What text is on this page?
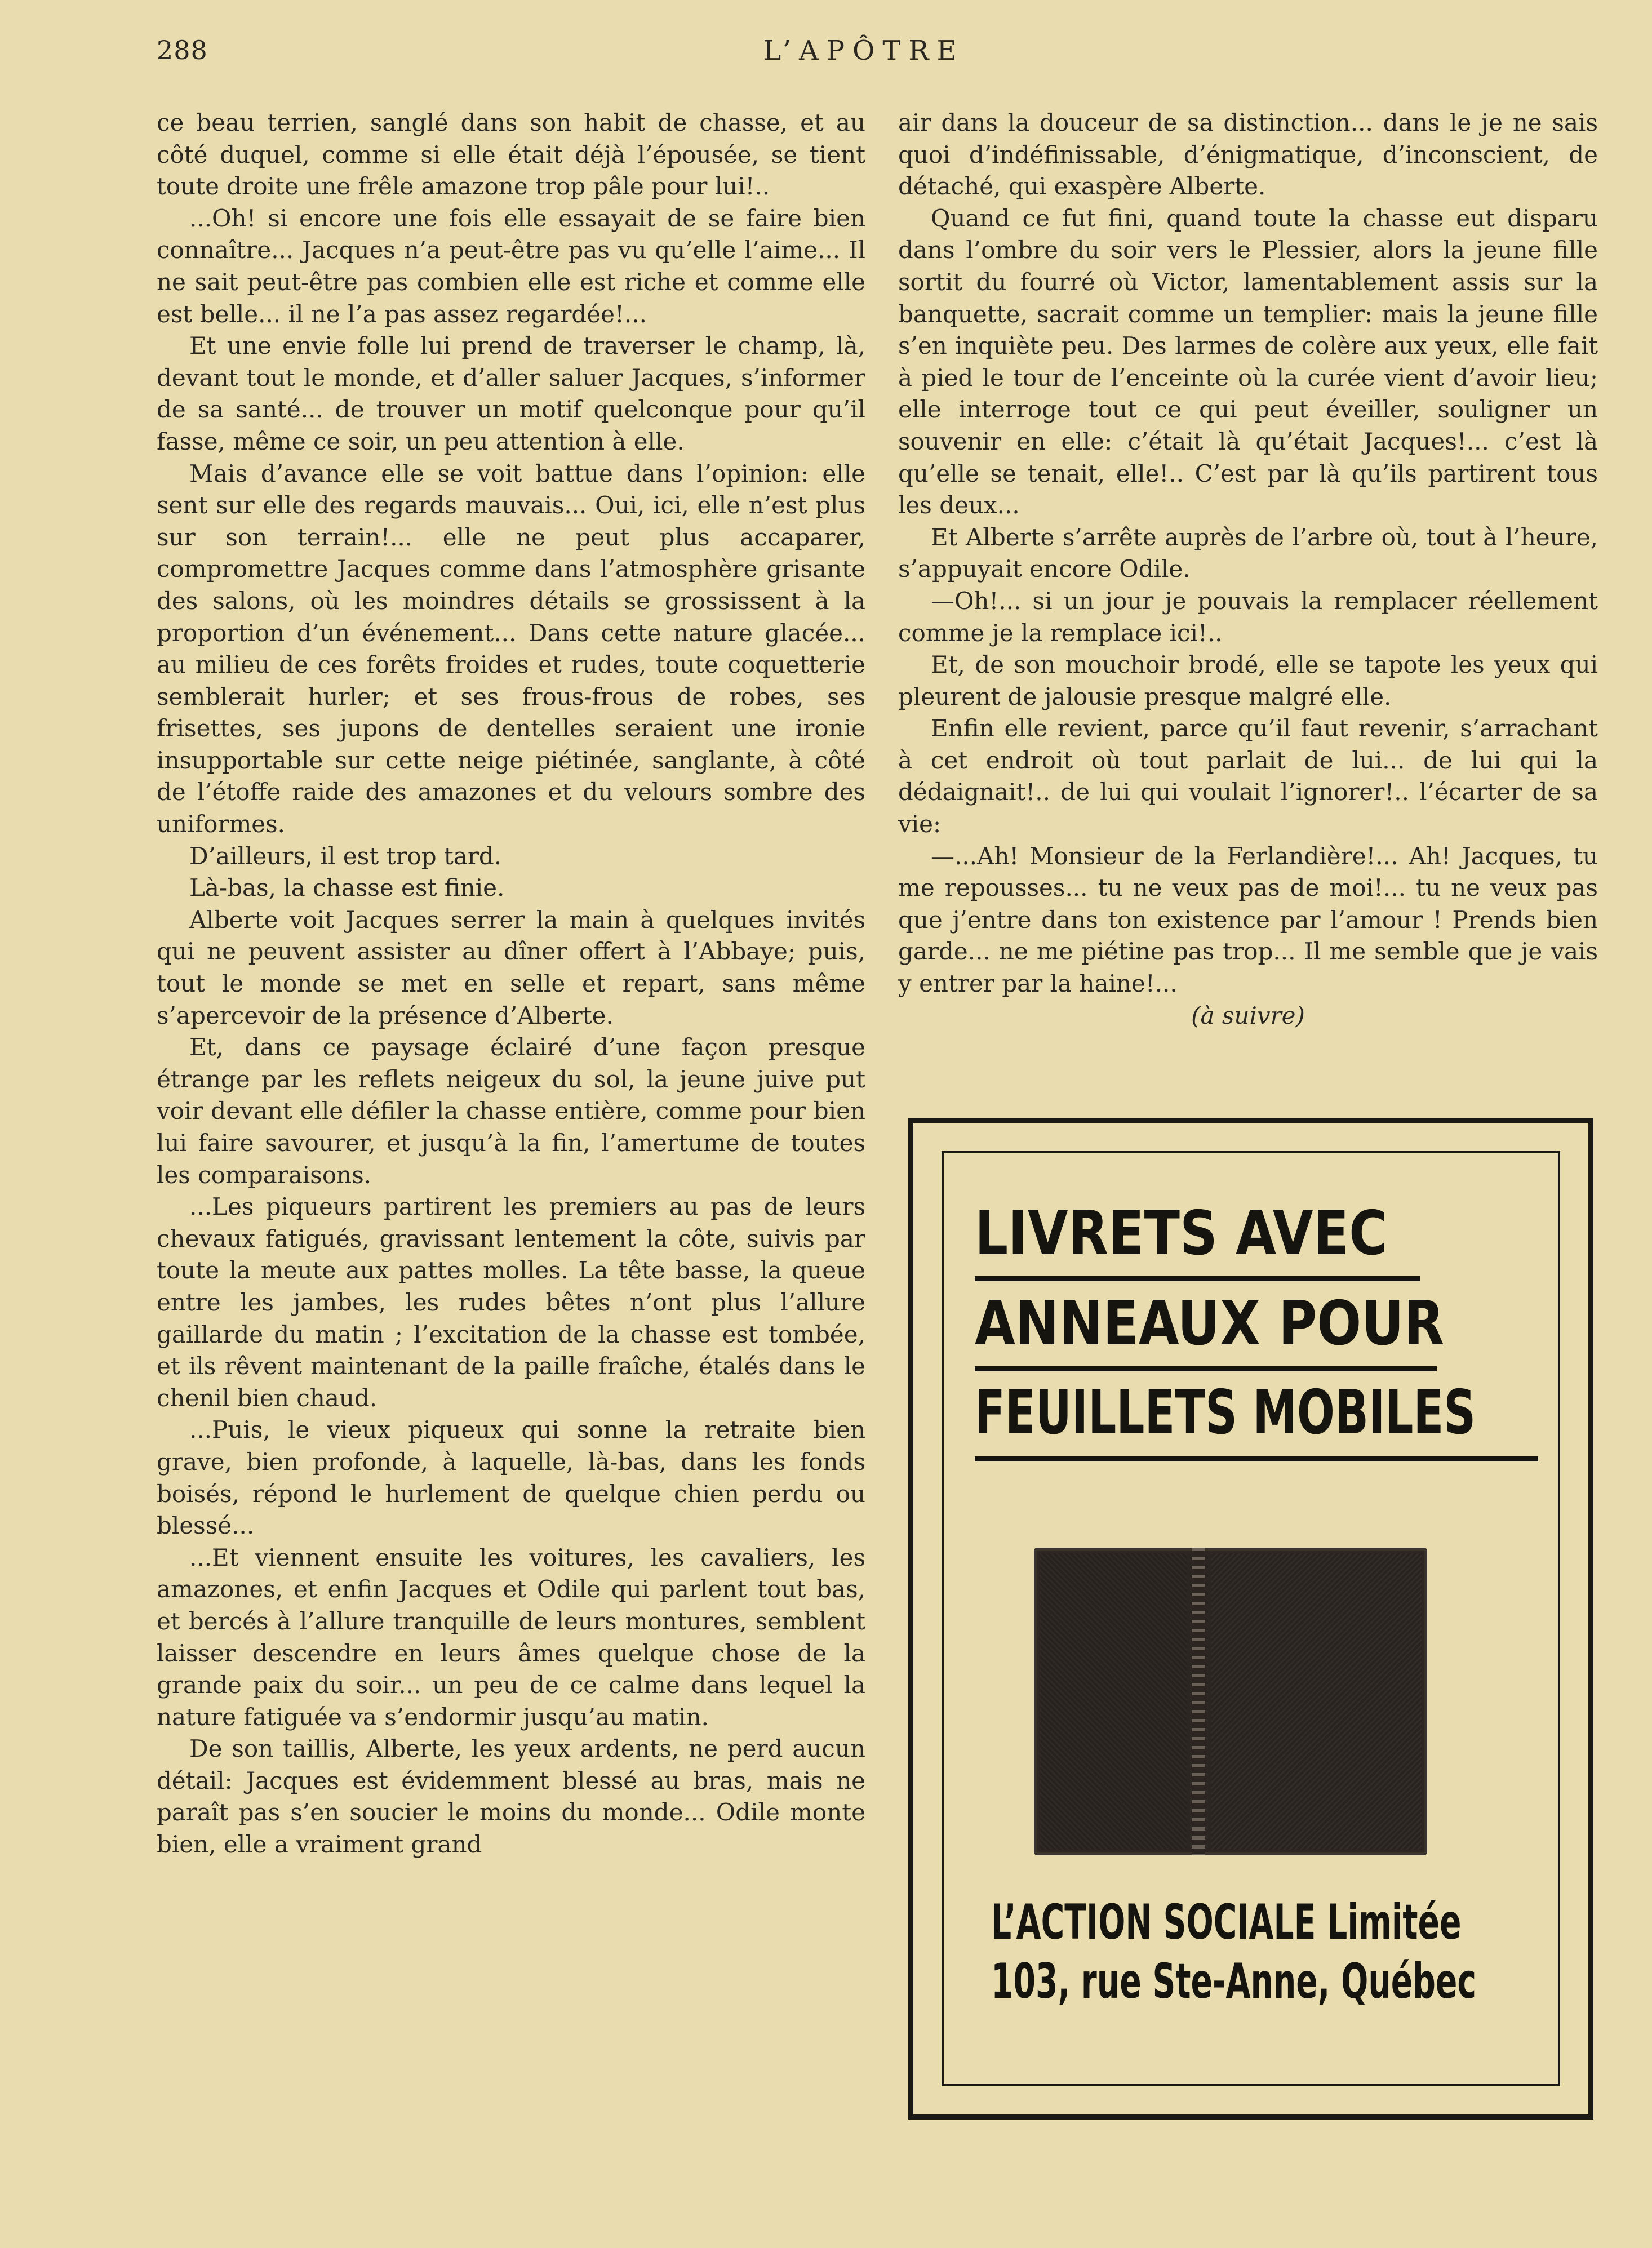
288	L’APÔTRE

ce beau terrien, sanglé dans son habit de chasse, et au côté duquel, comme si elle était déjà l’épousée, se tient toute droite une frêle amazone trop pâle pour lui!..

...Oh! si encore une fois elle essayait de se faire bien connaître... Jacques n’a peut-être pas vu qu’elle l’aime... Il ne sait peut-être pas combien elle est riche et comme elle est belle... il ne l’a pas assez regardée!...

Et une envie folle lui prend de traverser le champ, là, devant tout le monde, et d’aller saluer Jacques, s’informer de sa santé... de trouver un motif quelconque pour qu’il fasse, même ce soir, un peu attention à elle.

Mais d’avance elle se voit battue dans l’opinion: elle sent sur elle des regards mauvais... Oui, ici, elle n’est plus sur son terrain!... elle ne peut plus accaparer, compromettre Jacques comme dans l’atmosphère grisante des salons, où les moindres détails se grossissent à la proportion d’un événement... Dans cette nature glacée... au milieu de ces forêts froides et rudes, toute coquetterie semblerait hurler; et ses frous-frous de robes, ses frisettes, ses jupons de dentelles seraient une ironie insupportable sur cette neige piétinée, sanglante, à côté de l’étoffe raide des amazones et du velours sombre des uniformes.

D’ailleurs, il est trop tard.

Là-bas, la chasse est finie.

Alberte voit Jacques serrer la main à quelques invités qui ne peuvent assister au dîner offert à l’Abbaye; puis, tout le monde se met en selle et repart, sans même s’apercevoir de la présence d’Alberte.

Et, dans ce paysage éclairé d’une façon presque étrange par les reflets neigeux du sol, la jeune juive put voir devant elle défiler la chasse entière, comme pour bien lui faire savourer, et jusqu’à la fin, l’amertume de toutes les comparaisons.

...Les piqueurs partirent les premiers au pas de leurs chevaux fatigués, gravissant lentement la côte, suivis par toute la meute aux pattes molles. La tête basse, la queue entre les jambes, les rudes bêtes n’ont plus l’allure gaillarde du matin ; l’excitation de la chasse est tombée, et ils rêvent maintenant de la paille fraîche, étalés dans le chenil bien chaud.

...Puis, le vieux piqueux qui sonne la retraite bien grave, bien profonde, à laquelle, là-bas, dans les fonds boisés, répond le hurlement de quelque chien perdu ou blessé...

...Et viennent ensuite les voitures, les cavaliers, les amazones, et enfin Jacques et Odile qui parlent tout bas, et bercés à l’allure tranquille de leurs montures, semblent laisser descendre en leurs âmes quelque chose de la grande paix du soir... un peu de ce calme dans lequel la nature fatiguée va s’endormir jusqu’au matin.

De son taillis, Alberte, les yeux ardents, ne perd aucun détail: Jacques est évidemment blessé au bras, mais ne paraît pas s’en soucier le moins du monde... Odile monte bien, elle a vraiment grand

air dans la douceur de sa distinction... dans le je ne sais quoi d’indéfinissable, d’énigmatique, d’inconscient, de détaché, qui exaspère Alberte.

Quand ce fut fini, quand toute la chasse eut disparu dans l’ombre du soir vers le Plessier, alors la jeune fille sortit du fourré où Victor, lamentablement assis sur la banquette, sacrait comme un templier: mais la jeune fille s’en inquiète peu. Des larmes de colère aux yeux, elle fait à pied le tour de l’enceinte où la curée vient d’avoir lieu; elle interroge tout ce qui peut éveiller, souligner un souvenir en elle: c’était là qu’était Jacques!... c’est là qu’elle se tenait, elle!.. C’est par là qu’ils partirent tous les deux...

Et Alberte s’arrête auprès de l’arbre où, tout à l’heure, s’appuyait encore Odile.

—Oh!... si un jour je pouvais la remplacer réellement comme je la remplace ici!..

Et, de son mouchoir brodé, elle se tapote les yeux qui pleurent de jalousie presque malgré elle.

Enfin elle revient, parce qu’il faut revenir, s’arrachant à cet endroit où tout parlait de lui... de lui qui la dédaignait!.. de lui qui voulait l’ignorer!.. l’écarter de sa vie:

—...Ah! Monsieur de la Ferlandière!... Ah! Jacques, tu me repousses... tu ne veux pas de moi!... tu ne veux pas que j’entre dans ton existence par l’amour ! Prends bien garde... ne me piétine pas trop... Il me semble que je vais y entrer par la haine!...

(à suivre)

LIVRETS AVEC
ANNEAUX POUR
FEUILLETS MOBILES
L’ACTION SOCIALE Limitée
103, rue Ste-Anne, Québec
